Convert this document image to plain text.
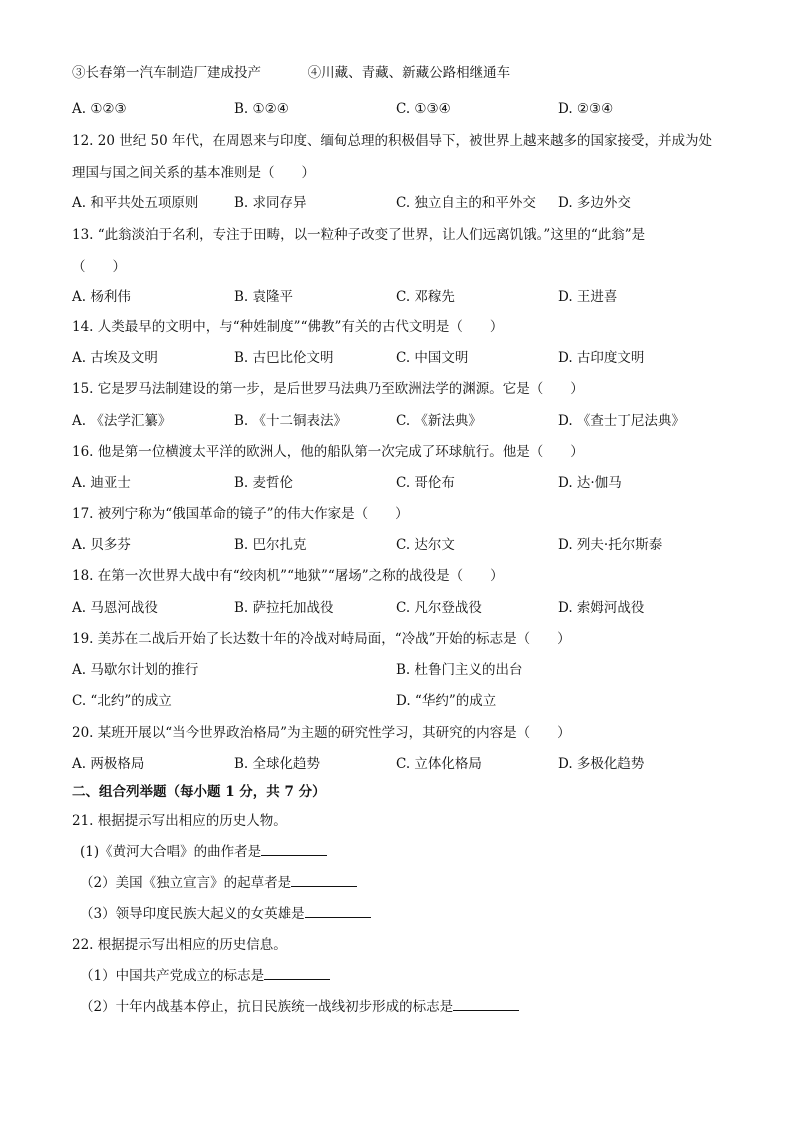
③长春第一汽车制造厂建成投产	④川藏、青藏、新藏公路相继通车
A. ①②③	B. ①②④	C. ①③④	D. ②③④
12. 20 世纪 50 年代，在周恩来与印度、缅甸总理的积极倡导下，被世界上越来越多的国家接受，并成为处
理国与国之间关系的基本准则是（　　）
A. 和平共处五项原则	B. 求同存异	C. 独立自主的和平外交 D. 多边外交
13. “此翁淡泊于名利，专注于田畴，以一粒种子改变了世界，让人们远离饥饿。”这里的“此翁”是
（　　）
A. 杨利伟	B. 袁隆平	C. 邓稼先	D. 王进喜
14. 人类最早的文明中，与“种姓制度”“佛教”有关的古代文明是（　　）
A. 古埃及文明	B. 古巴比伦文明	C. 中国文明	D. 古印度文明
15. 它是罗马法制建设的第一步，是后世罗马法典乃至欧洲法学的渊源。它是（　　）
A. 《法学汇纂》	B. 《十二铜表法》	C. 《新法典》	D. 《查士丁尼法典》
16. 他是第一位横渡太平洋的欧洲人，他的船队第一次完成了环球航行。他是（　　）
A. 迪亚士	B. 麦哲伦	C. 哥伦布	D. 达·伽马
17. 被列宁称为“俄国革命的镜子”的伟大作家是（　　）
A. 贝多芬	B. 巴尔扎克	C. 达尔文	D. 列夫·托尔斯泰
18. 在第一次世界大战中有“绞肉机”“地狱”“屠场”之称的战役是（　　）
A. 马恩河战役	B. 萨拉托加战役	C. 凡尔登战役	D. 索姆河战役
19. 美苏在二战后开始了长达数十年的冷战对峙局面，“冷战”开始的标志是（　　）
A. 马歇尔计划的推行	B. 杜鲁门主义的出台
C. “北约”的成立	D. “华约”的成立
20. 某班开展以“当今世界政治格局”为主题的研究性学习，其研究的内容是（　　）
A. 两极格局	B. 全球化趋势	C. 立体化格局	D. 多极化趋势
二、组合列举题（每小题 1 分，共 7 分）
21. 根据提示写出相应的历史人物。
(1)《黄河大合唱》的曲作者是
（2）美国《独立宣言》的起草者是
（3）领导印度民族大起义的女英雄是
22. 根据提示写出相应的历史信息。
（1）中国共产党成立的标志是
（2）十年内战基本停止，抗日民族统一战线初步形成的标志是
